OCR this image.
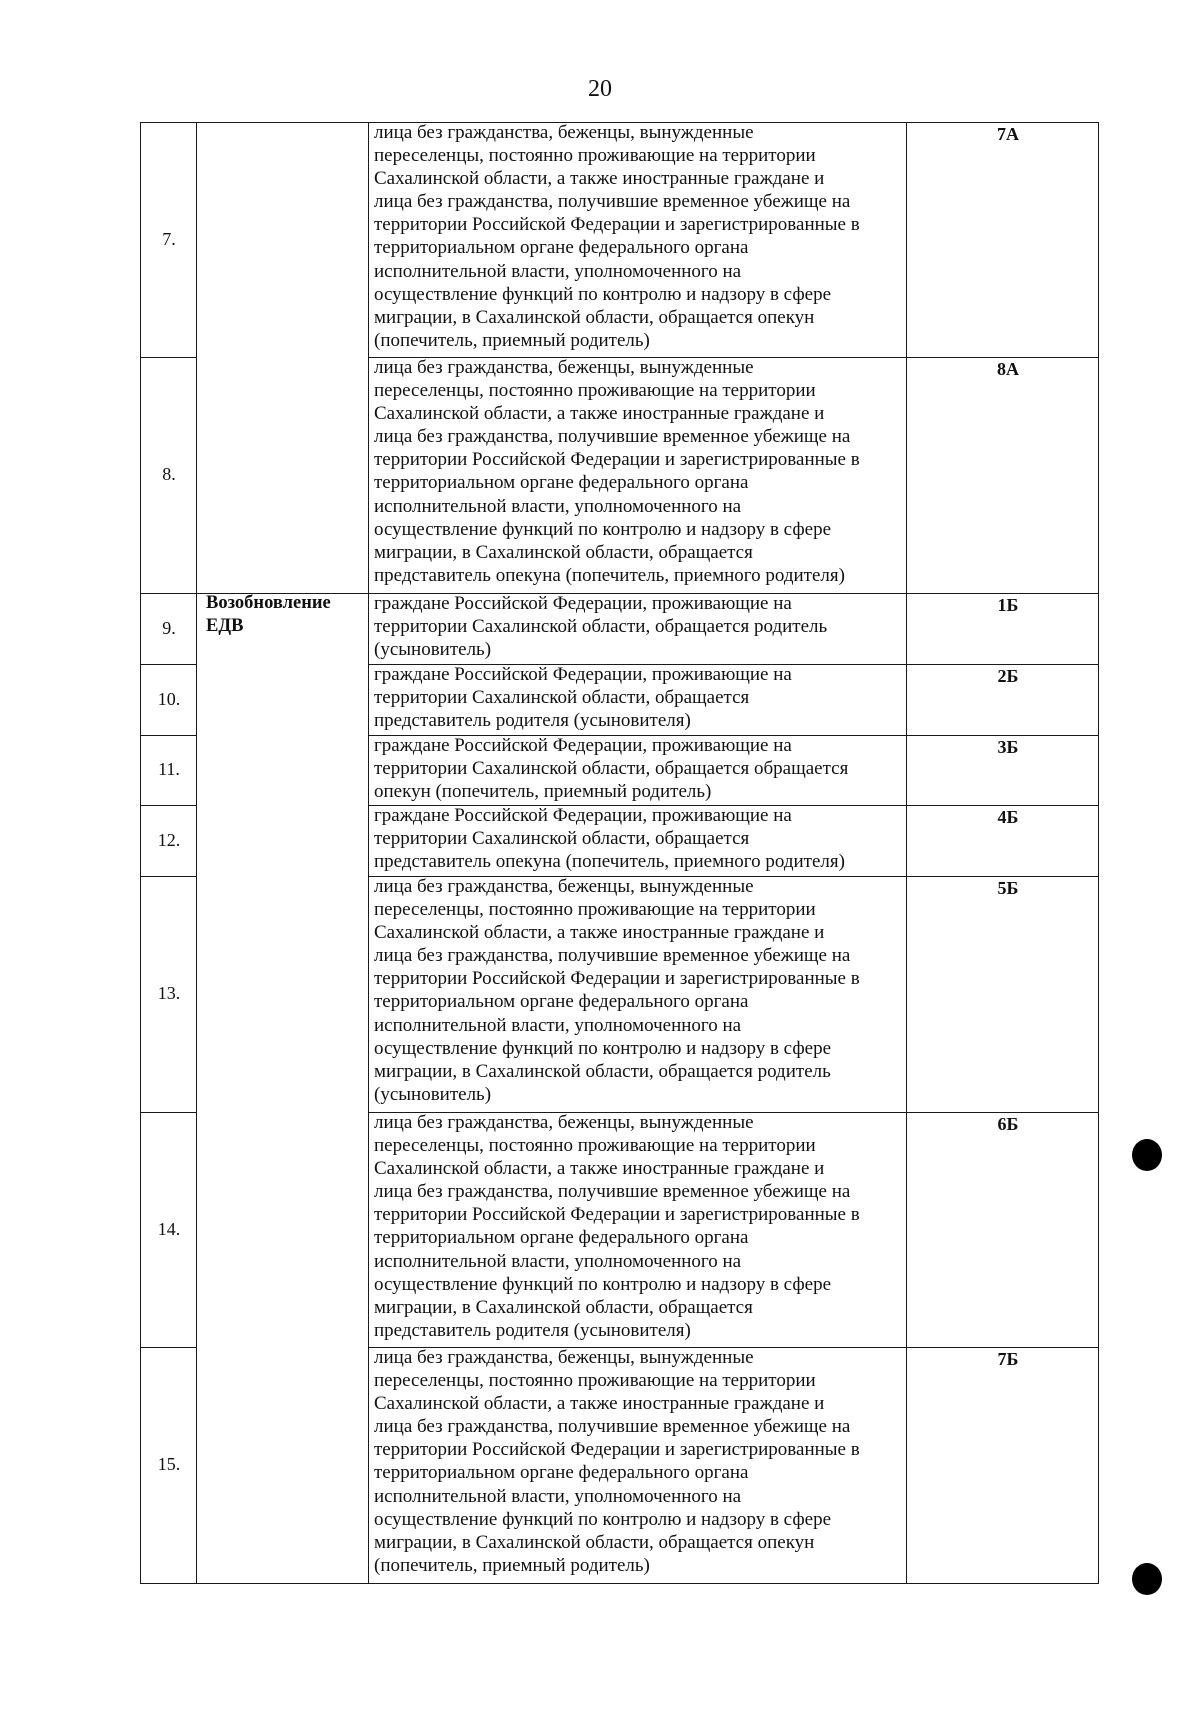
20
7.
лица без гражданства, беженцы, вынужденные
переселенцы, постоянно проживающие на территории
Сахалинской области, а также иностранные граждане и
лица без гражданства, получившие временное убежище на
территории Российской Федерации и зарегистрированные в
территориальном органе федерального органа
исполнительной власти, уполномоченного на
осуществление функций по контролю и надзору в сфере
миграции, в Сахалинской области, обращается опекун
(попечитель, приемный родитель)
7А
8.
лица без гражданства, беженцы, вынужденные
переселенцы, постоянно проживающие на территории
Сахалинской области, а также иностранные граждане и
лица без гражданства, получившие временное убежище на
территории Российской Федерации и зарегистрированные в
территориальном органе федерального органа
исполнительной власти, уполномоченного на
осуществление функций по контролю и надзору в сфере
миграции, в Сахалинской области, обращается
представитель опекуна (попечитель, приемного родителя)
8А
9.
граждане Российской Федерации, проживающие на
территории Сахалинской области, обращается родитель
(усыновитель)
1Б
10.
граждане Российской Федерации, проживающие на
территории Сахалинской области, обращается
представитель родителя (усыновителя)
2Б
11.
граждане Российской Федерации, проживающие на
территории Сахалинской области, обращается обращается
опекун (попечитель, приемный родитель)
3Б
12.
граждане Российской Федерации, проживающие на
территории Сахалинской области, обращается
представитель опекуна (попечитель, приемного родителя)
4Б
13.
лица без гражданства, беженцы, вынужденные
переселенцы, постоянно проживающие на территории
Сахалинской области, а также иностранные граждане и
лица без гражданства, получившие временное убежище на
территории Российской Федерации и зарегистрированные в
территориальном органе федерального органа
исполнительной власти, уполномоченного на
осуществление функций по контролю и надзору в сфере
миграции, в Сахалинской области, обращается родитель
(усыновитель)
5Б
14.
лица без гражданства, беженцы, вынужденные
переселенцы, постоянно проживающие на территории
Сахалинской области, а также иностранные граждане и
лица без гражданства, получившие временное убежище на
территории Российской Федерации и зарегистрированные в
территориальном органе федерального органа
исполнительной власти, уполномоченного на
осуществление функций по контролю и надзору в сфере
миграции, в Сахалинской области, обращается
представитель родителя (усыновителя)
6Б
15.
лица без гражданства, беженцы, вынужденные
переселенцы, постоянно проживающие на территории
Сахалинской области, а также иностранные граждане и
лица без гражданства, получившие временное убежище на
территории Российской Федерации и зарегистрированные в
территориальном органе федерального органа
исполнительной власти, уполномоченного на
осуществление функций по контролю и надзору в сфере
миграции, в Сахалинской области, обращается опекун
(попечитель, приемный родитель)
7Б
Возобновление
ЕДВ
